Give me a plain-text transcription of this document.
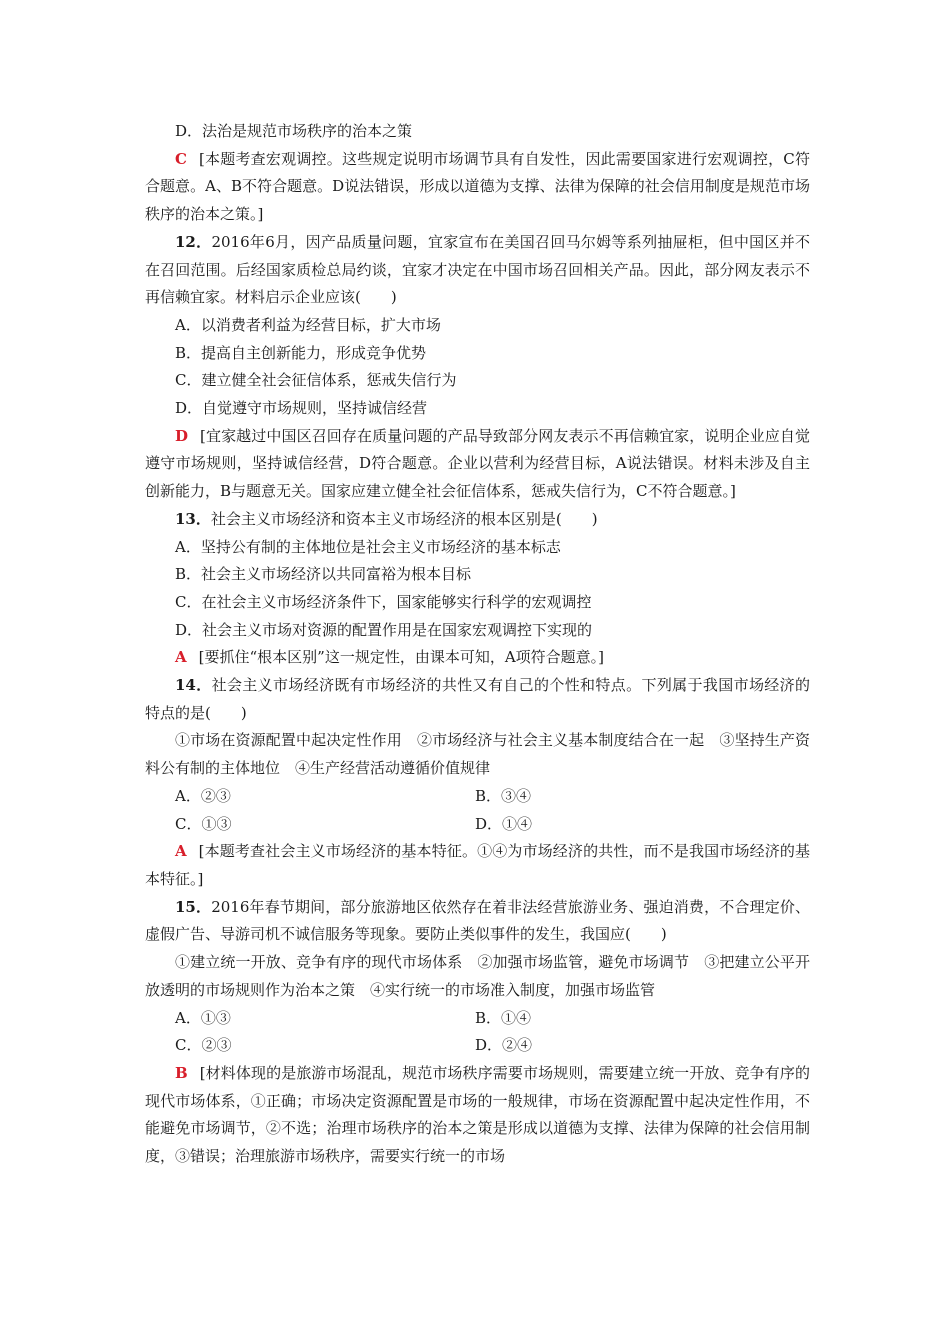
D．法治是规范市场秩序的治本之策

C [本题考查宏观调控。这些规定说明市场调节具有自发性，因此需要国家进行宏观调控，C符合题意。A、B不符合题意。D说法错误，形成以道德为支撑、法律为保障的社会信用制度是规范市场秩序的治本之策。]

12．2016年6月，因产品质量问题，宜家宣布在美国召回马尔姆等系列抽屉柜，但中国区并不在召回范围。后经国家质检总局约谈，宜家才决定在中国市场召回相关产品。因此，部分网友表示不再信赖宜家。材料启示企业应该(　　)

A．以消费者利益为经营目标，扩大市场

B．提高自主创新能力，形成竞争优势

C．建立健全社会征信体系，惩戒失信行为

D．自觉遵守市场规则，坚持诚信经营

D [宜家越过中国区召回存在质量问题的产品导致部分网友表示不再信赖宜家，说明企业应自觉遵守市场规则，坚持诚信经营，D符合题意。企业以营利为经营目标，A说法错误。材料未涉及自主创新能力，B与题意无关。国家应建立健全社会征信体系，惩戒失信行为，C不符合题意。]

13．社会主义市场经济和资本主义市场经济的根本区别是(　　)

A．坚持公有制的主体地位是社会主义市场经济的基本标志

B．社会主义市场经济以共同富裕为根本目标

C．在社会主义市场经济条件下，国家能够实行科学的宏观调控

D．社会主义市场对资源的配置作用是在国家宏观调控下实现的

A [要抓住“根本区别”这一规定性，由课本可知，A项符合题意。]

14．社会主义市场经济既有市场经济的共性又有自己的个性和特点。下列属于我国市场经济的特点的是(　　)

①市场在资源配置中起决定性作用　②市场经济与社会主义基本制度结合在一起　③坚持生产资料公有制的主体地位　④生产经营活动遵循价值规律

A．②③	B．③④
C．①③	D．①④

A [本题考查社会主义市场经济的基本特征。①④为市场经济的共性，而不是我国市场经济的基本特征。]

15．2016年春节期间，部分旅游地区依然存在着非法经营旅游业务、强迫消费，不合理定价、虚假广告、导游司机不诚信服务等现象。要防止类似事件的发生，我国应(　　)

①建立统一开放、竞争有序的现代市场体系　②加强市场监管，避免市场调节　③把建立公平开放透明的市场规则作为治本之策　④实行统一的市场准入制度，加强市场监管

A．①③	B．①④
C．②③	D．②④

B [材料体现的是旅游市场混乱，规范市场秩序需要市场规则，需要建立统一开放、竞争有序的现代市场体系，①正确；市场决定资源配置是市场的一般规律，市场在资源配置中起决定性作用，不能避免市场调节，②不选；治理市场秩序的治本之策是形成以道德为支撑、法律为保障的社会信用制度，③错误；治理旅游市场秩序，需要实行统一的市场
